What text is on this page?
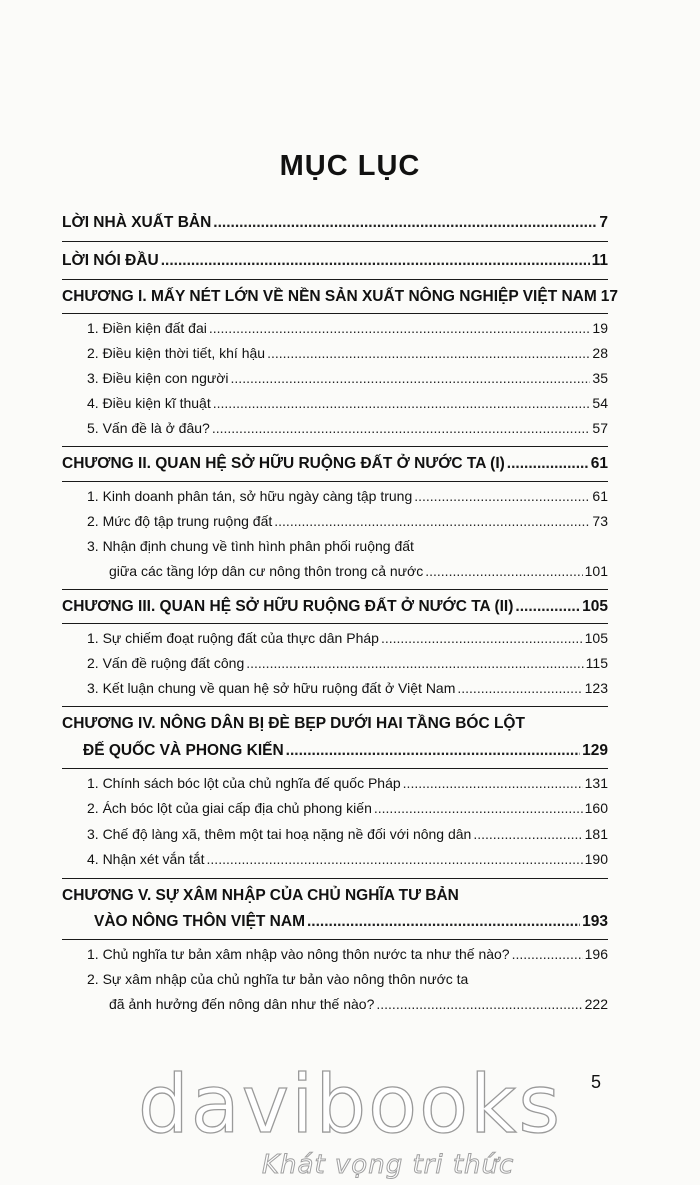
MỤC LỤC
LỜI NHÀ XUẤT BẢN .....	7
LỜI NÓI ĐẦU .....	11
CHƯƠNG I. MẤY NÉT LỚN VỀ NỀN SẢN XUẤT NÔNG NGHIỆP VIỆT NAM 17
1. Điền kiện đất đai .....	19
2. Điều kiện thời tiết, khí hậu .....	28
3. Điều kiện con người .....	35
4. Điều kiện kĩ thuật .....	54
5. Vấn đề là ở đâu? .....	57
CHƯƠNG II. QUAN HỆ SỞ HỮU RUỘNG ĐẤT Ở NƯỚC TA (I) .....	61
1. Kinh doanh phân tán, sở hữu ngày càng tập trung .....	61
2. Mức độ tập trung ruộng đất .....	73
3. Nhận định chung về tình hình phân phối ruộng đất
giữa các tầng lớp dân cư nông thôn trong cả nước .....	101
CHƯƠNG III. QUAN HỆ SỞ HỮU RUỘNG ĐẤT Ở NƯỚC TA (II) .....	105
1. Sự chiếm đoạt ruộng đất của thực dân Pháp .....	105
2. Vấn đề ruộng đất công .....	115
3. Kết luận chung về quan hệ sở hữu ruộng đất ở Việt Nam .....	123
CHƯƠNG IV. NÔNG DÂN BỊ ĐÈ BẸP DƯỚI HAI TẦNG BÓC LỘT
ĐẾ QUỐC VÀ PHONG KIẾN .....	129
1. Chính sách bóc lột của chủ nghĩa đế quốc Pháp .....	131
2. Ách bóc lột của giai cấp địa chủ phong kiến .....	160
3. Chế độ làng xã, thêm một tai hoạ nặng nề đối với nông dân .....	181
4. Nhận xét vắn tắt .....	190
CHƯƠNG V. SỰ XÂM NHẬP CỦA CHỦ NGHĨA TƯ BẢN
VÀO NÔNG THÔN VIỆT NAM .....	193
1. Chủ nghĩa tư bản xâm nhập vào nông thôn nước ta như thế nào? .....	196
2. Sự xâm nhập của chủ nghĩa tư bản vào nông thôn nước ta
đã ảnh hưởng đến nông dân như thế nào? .....	222
5
davibooks
Khát vọng tri thức
